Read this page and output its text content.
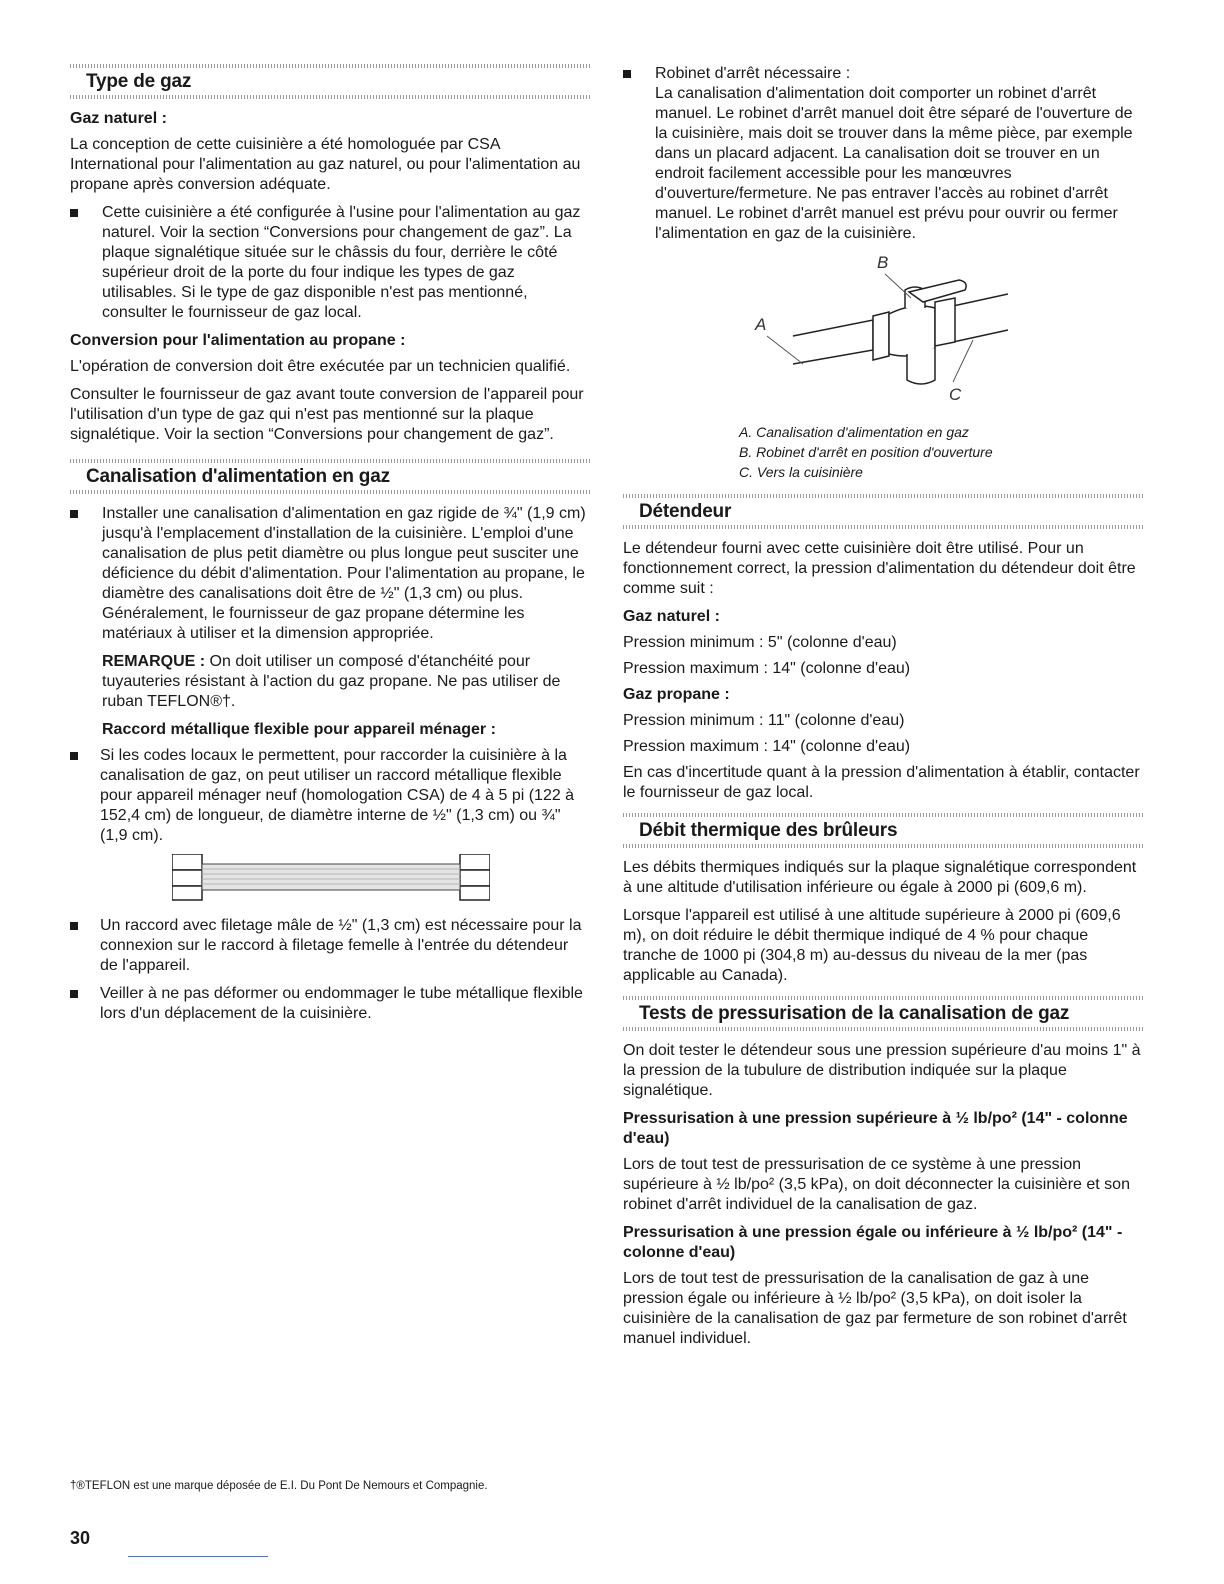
Type de gaz

Gaz naturel :

La conception de cette cuisinière a été homologuée par CSA International pour l'alimentation au gaz naturel, ou pour l'alimentation au propane après conversion adéquate.

Cette cuisinière a été configurée à l'usine pour l'alimentation au gaz naturel. Voir la section “Conversions pour changement de gaz”. La plaque signalétique située sur le châssis du four, derrière le côté supérieur droit de la porte du four indique les types de gaz utilisables. Si le type de gaz disponible n'est pas mentionné, consulter le fournisseur de gaz local.

Conversion pour l'alimentation au propane :

L'opération de conversion doit être exécutée par un technicien qualifié.

Consulter le fournisseur de gaz avant toute conversion de l'appareil pour l'utilisation d'un type de gaz qui n'est pas mentionné sur la plaque signalétique. Voir la section “Conversions pour changement de gaz”.

Canalisation d'alimentation en gaz
Installer une canalisation d'alimentation en gaz rigide de ¾" (1,9 cm) jusqu'à l'emplacement d'installation de la cuisinière. L'emploi d'une canalisation de plus petit diamètre ou plus longue peut susciter une déficience du débit d'alimentation. Pour l'alimentation au propane, le diamètre des canalisations doit être de ½" (1,3 cm) ou plus. Généralement, le fournisseur de gaz propane détermine les matériaux à utiliser et la dimension appropriée.

REMARQUE : On doit utiliser un composé d'étanchéité pour tuyauteries résistant à l'action du gaz propane. Ne pas utiliser de ruban TEFLON®†.

Raccord métallique flexible pour appareil ménager :

Si les codes locaux le permettent, pour raccorder la cuisinière à la canalisation de gaz, on peut utiliser un raccord métallique flexible pour appareil ménager neuf (homologation CSA) de 4 à 5 pi (122 à 152,4 cm) de longueur, de diamètre interne de ½" (1,3 cm) ou ¾" (1,9 cm).
Un raccord avec filetage mâle de ½" (1,3 cm) est nécessaire pour la connexion sur le raccord à filetage femelle à l'entrée du détendeur de l'appareil.
Veiller à ne pas déformer ou endommager le tube métallique flexible lors d'un déplacement de la cuisinière.
Robinet d'arrêt nécessaire :
La canalisation d'alimentation doit comporter un robinet d'arrêt manuel. Le robinet d'arrêt manuel doit être séparé de l'ouverture de la cuisinière, mais doit se trouver dans la même pièce, par exemple dans un placard adjacent. La canalisation doit se trouver en un endroit facilement accessible pour les manœuvres d'ouverture/fermeture. Ne pas entraver l'accès au robinet d'arrêt manuel. Le robinet d'arrêt manuel est prévu pour ouvrir ou fermer l'alimentation en gaz de la cuisinière.
A
B
C

A. Canalisation d'alimentation en gaz

B. Robinet d'arrêt en position d'ouverture

C. Vers la cuisinière

Détendeur

Le détendeur fourni avec cette cuisinière doit être utilisé. Pour un fonctionnement correct, la pression d'alimentation du détendeur doit être comme suit :

Gaz naturel :

Pression minimum : 5" (colonne d'eau)

Pression maximum : 14" (colonne d'eau)

Gaz propane :

Pression minimum : 11" (colonne d'eau)

Pression maximum : 14" (colonne d'eau)

En cas d'incertitude quant à la pression d'alimentation à établir, contacter le fournisseur de gaz local.

Débit thermique des brûleurs

Les débits thermiques indiqués sur la plaque signalétique correspondent à une altitude d'utilisation inférieure ou égale à 2000 pi (609,6 m).

Lorsque l'appareil est utilisé à une altitude supérieure à 2000 pi (609,6 m), on doit réduire le débit thermique indiqué de 4 % pour chaque tranche de 1000 pi (304,8 m) au-dessus du niveau de la mer (pas applicable au Canada).

Tests de pressurisation de la canalisation de gaz

On doit tester le détendeur sous une pression supérieure d'au moins 1" à la pression de la tubulure de distribution indiquée sur la plaque signalétique.

Pressurisation à une pression supérieure à ½ lb/po² (14" - colonne d'eau)

Lors de tout test de pressurisation de ce système à une pression supérieure à ½ lb/po² (3,5 kPa), on doit déconnecter la cuisinière et son robinet d'arrêt individuel de la canalisation de gaz.

Pressurisation à une pression égale ou inférieure à ½ lb/po² (14" - colonne d'eau)

Lors de tout test de pressurisation de la canalisation de gaz à une pression égale ou inférieure à ½ lb/po² (3,5 kPa), on doit isoler la cuisinière de la canalisation de gaz par fermeture de son robinet d'arrêt manuel individuel.

†®TEFLON est une marque déposée de E.I. Du Pont De Nemours et Compagnie.

30
